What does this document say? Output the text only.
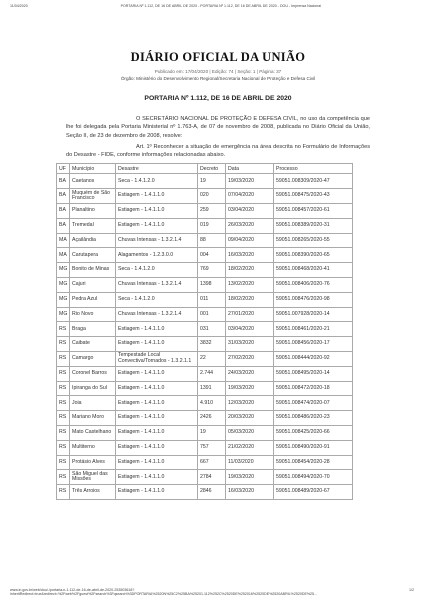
11/04/2020	PORTARIA Nº 1.112, DE 16 DE ABRIL DE 2020 - PORTARIA Nº 1.112, DE 16 DE ABRIL DE 2020 - DOU - Imprensa Nacional
DIÁRIO OFICIAL DA UNIÃO
Publicado em: 17/04/2020 | Edição: 74 | Seção: 1 | Página: 37
Órgão: Ministério do Desenvolvimento Regional/Secretaria Nacional de Proteção e Defesa Civil
PORTARIA Nº 1.112, DE 16 DE ABRIL DE 2020

O SECRETÁRIO NACIONAL DE PROTEÇÃO E DEFESA CIVIL, no uso da competência que lhe foi delegada pela Portaria Ministerial nº 1.763-A, de 07 de novembro de 2008, publicada no Diário Oficial da União, Seção II, de 23 de dezembro de 2008, resolve:

Art. 1º Reconhecer a situação de emergência na área descrita no Formulário de Informações do Desastre - FIDE, conforme informações relacionadas abaixo.

UF	Município	Desastre	Decreto	Data	Processo
BA	Caetanos	Seca - 1.4.1.2.0	19	19/03/2020	59051.008309/2020-47
BA	Muquém de São Francisco	Estiagem - 1.4.1.1.0	020	07/04/2020	59051.008475/2020-43
BA	Planaltino	Estiagem - 1.4.1.1.0	259	03/04/2020	59051.008457/2020-61
BA	Tremedal	Estiagem - 1.4.1.1.0	019	26/03/2020	59051.008389/2020-31
MA	Açailândia	Chuvas Intensas - 1.3.2.1.4	88	09/04/2020	59051.008265/2020-55
MA	Carutapera	Alagamentos - 1.2.3.0.0	004	16/03/2020	59051.008390/2020-65
MG	Bonito de Minas	Seca - 1.4.1.2.0	769	18/02/2020	59051.008468/2020-41
MG	Cajuri	Chuvas Intensas - 1.3.2.1.4	1398	13/02/2020	59051.008406/2020-76
MG	Pedra Azul	Seca - 1.4.1.2.0	011	18/02/2020	59051.008476/2020-98
MG	Rio Novo	Chuvas Intensas - 1.3.2.1.4	001	27/01/2020	59051.007928/2020-14
RS	Braga	Estiagem - 1.4.1.1.0	031	03/04/2020	59051.008461/2020-21
RS	Caibate	Estiagem - 1.4.1.1.0	3832	31/03/2020	59051.008456/2020-17
RS	Camargo	Tempestade Local Convectiva/Tornados - 1.3.2.1.1	22	27/02/2020	59051.008444/2020-92
RS	Coronel Barros	Estiagem - 1.4.1.1.0	2.744	24/03/2020	59051.008495/2020-14
RS	Ipiranga do Sul	Estiagem - 1.4.1.1.0	1391	19/03/2020	59051.008472/2020-18
RS	Joia	Estiagem - 1.4.1.1.0	4.910	12/03/2020	59051.008474/2020-07
RS	Mariano Moro	Estiagem - 1.4.1.1.0	2426	20/03/2020	59051.008486/2020-23
RS	Mato Castelhano	Estiagem - 1.4.1.1.0	19	05/03/2020	59051.008425/2020-66
RS	Multiterno	Estiagem - 1.4.1.1.0	757	21/02/2020	59051.008490/2020-91
RS	Protásio Alves	Estiagem - 1.4.1.1.0	667	11/03/2020	59051.008454/2020-28
RS	São Miguel das Missões	Estiagem - 1.4.1.1.0	2784	19/03/2020	59051.008494/2020-70
RS	Três Arroios	Estiagem - 1.4.1.1.0	2846	16/03/2020	59051.008489/2020-67
www.in.gov.br/web/dou/-/portaria-n-1.112-de-16-de-abril-de-2020-253503618?inheritRedirect=true&redirect=%2Fweb%2Fguest%2Fsearch%3Fqsearch%3DPORTARIA%2520N%25C2%25BA%25201.112%252C%2520DE%252016%2520DE%2520ABRIL%2520DE%25...
1/2
